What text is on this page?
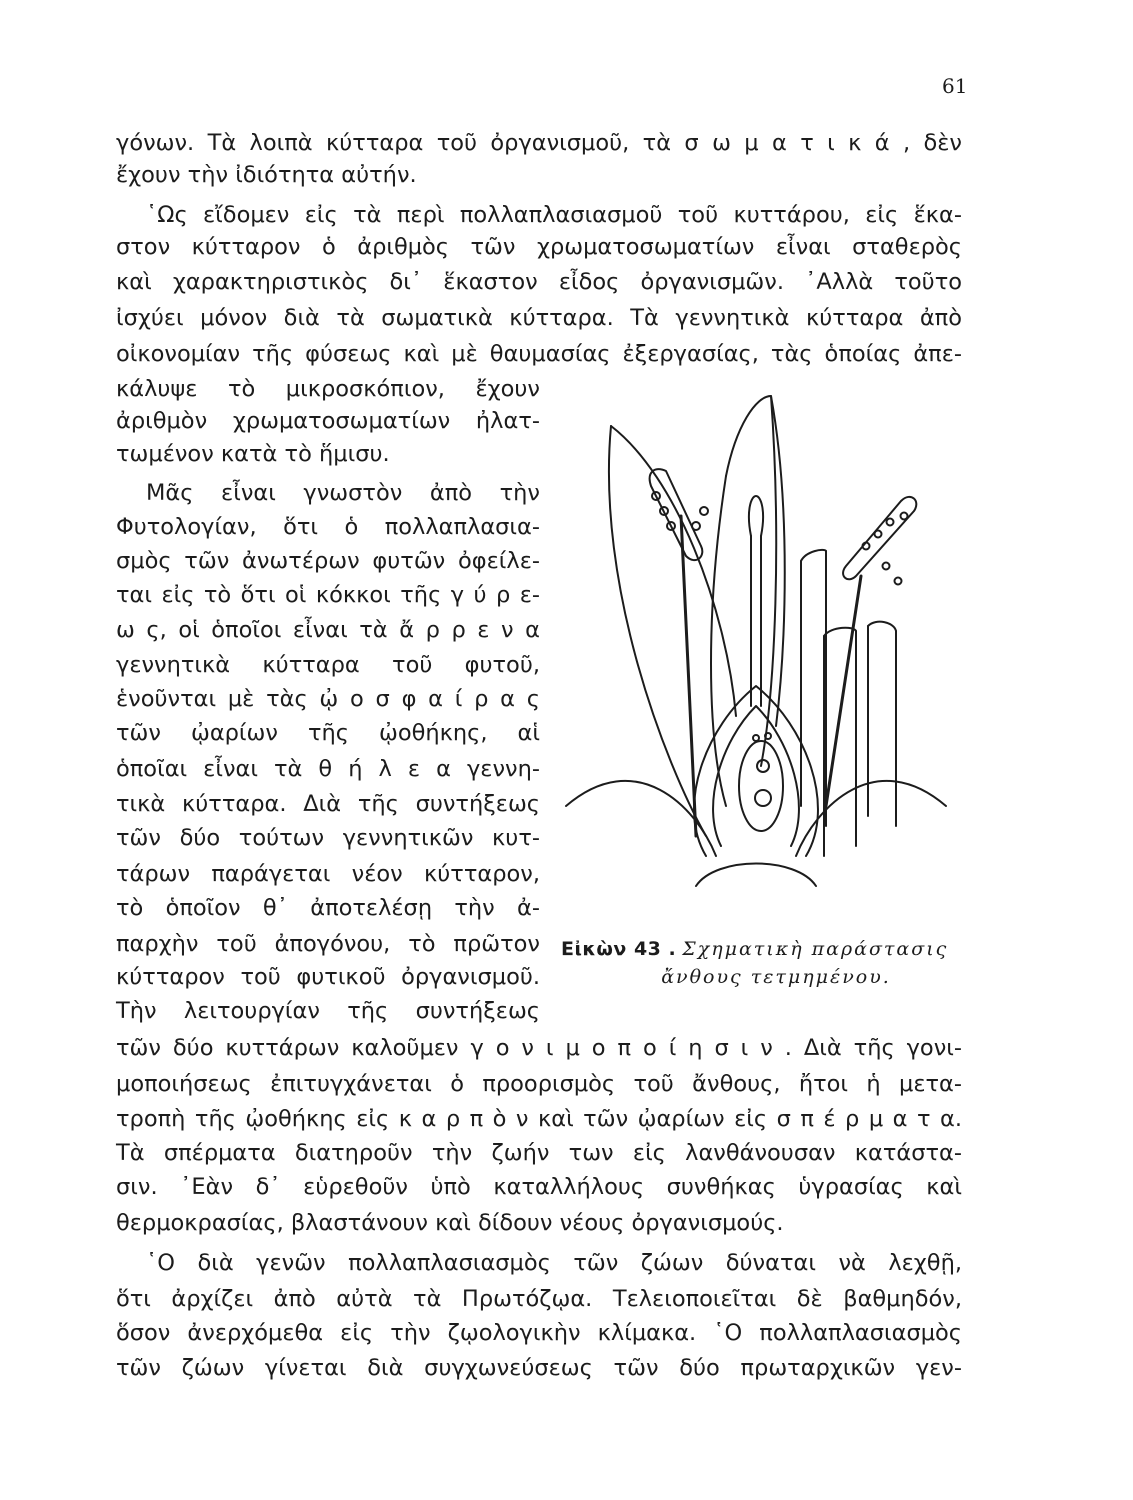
61

γόνων. Τὰ λοιπὰ κύτταρα τοῦ ὀργανισμοῦ, τὰ σ ω μ α τ ι κ ά , δὲν

ἔχουν τὴν ἰδιότητα αὐτήν.

῾Ως εἴδομεν εἰς τὰ περὶ πολλαπλασιασμοῦ τοῦ κυττάρου, εἰς ἕκα-

στον κύτταρον ὁ ἀριθμὸς τῶν χρωματοσωματίων εἶναι σταθερὸς

καὶ χαρακτηριστικὸς δι᾽ ἕκαστον εἶδος ὀργανισμῶν. ᾿Αλλὰ τοῦτο

ἰσχύει μόνον διὰ τὰ σωματικὰ κύτταρα. Τὰ γεννητικὰ κύτταρα ἀπὸ

οἰκονομίαν τῆς φύσεως καὶ μὲ θαυμασίας ἐξεργασίας, τὰς ὁποίας ἀπε-

κάλυψε τὸ μικροσκόπιον, ἔχουν

ἀριθμὸν χρωματοσωματίων ἠλατ-

τωμένον κατὰ τὸ ἥμισυ.

Μᾶς εἶναι γνωστὸν ἀπὸ τὴν

Φυτολογίαν, ὅτι ὁ πολλαπλασια-

σμὸς τῶν ἀνωτέρων φυτῶν ὀφείλε-

ται εἰς τὸ ὅτι οἱ κόκκοι τῆς γ ύ ρ ε-

ω ς, οἱ ὁποῖοι εἶναι τὰ ἄ ρ ρ ε ν α

γεννητικὰ κύτταρα τοῦ φυτοῦ,

ἑνοῦνται μὲ τὰς ᾠ ο σ φ α ί ρ α ς

τῶν ᾠαρίων τῆς ᾠοθήκης, αἱ

ὁποῖαι εἶναι τὰ θ ή λ ε α γεννη-

τικὰ κύτταρα. Διὰ τῆς συντήξεως

τῶν δύο τούτων γεννητικῶν κυτ-

τάρων παράγεται νέον κύτταρον,

τὸ ὁποῖον θ᾽ ἀποτελέσῃ τὴν ἀ-

παρχὴν τοῦ ἀπογόνου, τὸ πρῶτον

κύτταρον τοῦ φυτικοῦ ὀργανισμοῦ.

Τὴν λειτουργίαν τῆς συντήξεως

τῶν δύο κυττάρων καλοῦμεν γ ο ν ι μ ο π ο ί η σ ι ν . Διὰ τῆς γονι-

μοποιήσεως ἐπιτυγχάνεται ὁ προορισμὸς τοῦ ἄνθους, ἤτοι ἡ μετα-

τροπὴ τῆς ᾠοθήκης εἰς κ α ρ π ὸ ν καὶ τῶν ᾠαρίων εἰς σ π έ ρ μ α τ α.

Τὰ σπέρματα διατηροῦν τὴν ζωήν των εἰς λανθάνουσαν κατάστα-

σιν. ᾿Εὰν δ᾽ εὑρεθοῦν ὑπὸ καταλλήλους συνθήκας ὑγρασίας καὶ

θερμοκρασίας, βλαστάνουν καὶ δίδουν νέους ὀργανισμούς.

῾Ο διὰ γενῶν πολλαπλασιασμὸς τῶν ζώων δύναται νὰ λεχθῇ,

ὅτι ἀρχίζει ἀπὸ αὐτὰ τὰ Πρωτόζῳα. Τελειοποιεῖται δὲ βαθμηδόν,

ὅσον ἀνερχόμεθα εἰς τὴν ζῳολογικὴν κλίμακα. ῾Ο πολλαπλασιασμὸς

τῶν ζώων γίνεται διὰ συγχωνεύσεως τῶν δύο πρωταρχικῶν γεν-

Εἰκὼν 43 . Σχηματικὴ παράστασις
ἄνθους τετμημένου.
